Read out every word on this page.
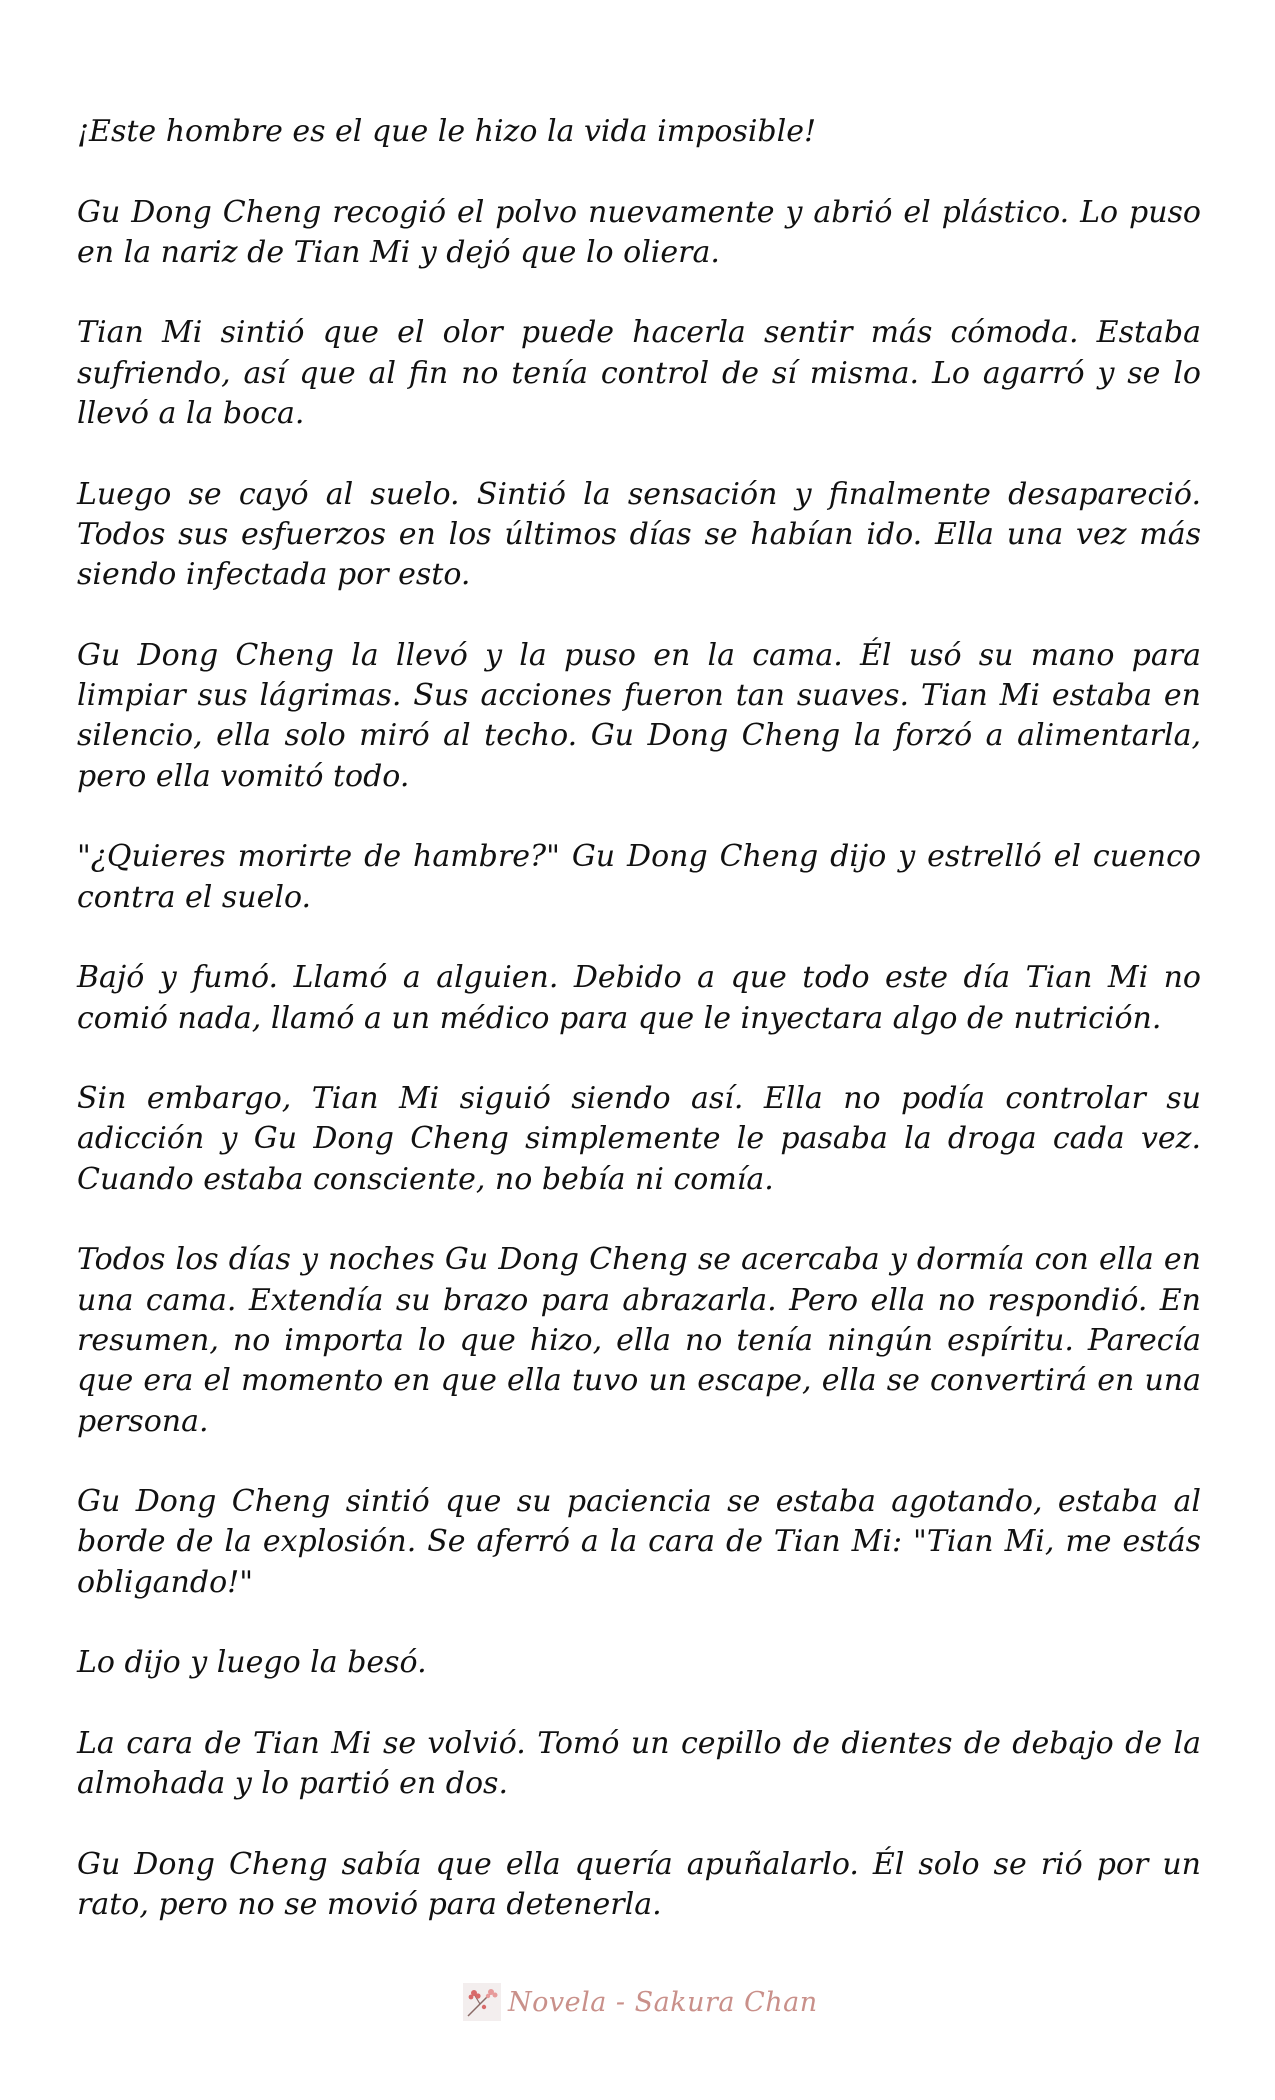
¡Este hombre es el que le hizo la vida imposible!

Gu Dong Cheng recogió el polvo nuevamente y abrió el plástico. Lo puso en la nariz de Tian Mi y dejó que lo oliera.

Tian Mi sintió que el olor puede hacerla sentir más cómoda. Estaba sufriendo, así que al fin no tenía control de sí misma. Lo agarró y se lo llevó a la boca.

Luego se cayó al suelo. Sintió la sensación y finalmente desapareció. Todos sus esfuerzos en los últimos días se habían ido. Ella una vez más siendo infectada por esto.

Gu Dong Cheng la llevó y la puso en la cama. Él usó su mano para limpiar sus lágrimas. Sus acciones fueron tan suaves. Tian Mi estaba en silencio, ella solo miró al techo. Gu Dong Cheng la forzó a alimentarla, pero ella vomitó todo.

"¿Quieres morirte de hambre?" Gu Dong Cheng dijo y estrelló el cuenco contra el suelo.

Bajó y fumó. Llamó a alguien. Debido a que todo este día Tian Mi no comió nada, llamó a un médico para que le inyectara algo de nutrición.

Sin embargo, Tian Mi siguió siendo así. Ella no podía controlar su adicción y Gu Dong Cheng simplemente le pasaba la droga cada vez. Cuando estaba consciente, no bebía ni comía.

Todos los días y noches Gu Dong Cheng se acercaba y dormía con ella en una cama. Extendía su brazo para abrazarla. Pero ella no respondió. En resumen, no importa lo que hizo, ella no tenía ningún espíritu. Parecía que era el momento en que ella tuvo un escape, ella se convertirá en una persona.

Gu Dong Cheng sintió que su paciencia se estaba agotando, estaba al borde de la explosión. Se aferró a la cara de Tian Mi: "Tian Mi, me estás obligando!"

Lo dijo y luego la besó.

La cara de Tian Mi se volvió. Tomó un cepillo de dientes de debajo de la almohada y lo partió en dos.

Gu Dong Cheng sabía que ella quería apuñalarlo. Él solo se rió por un rato, pero no se movió para detenerla.

Novela - Sakura Chan
